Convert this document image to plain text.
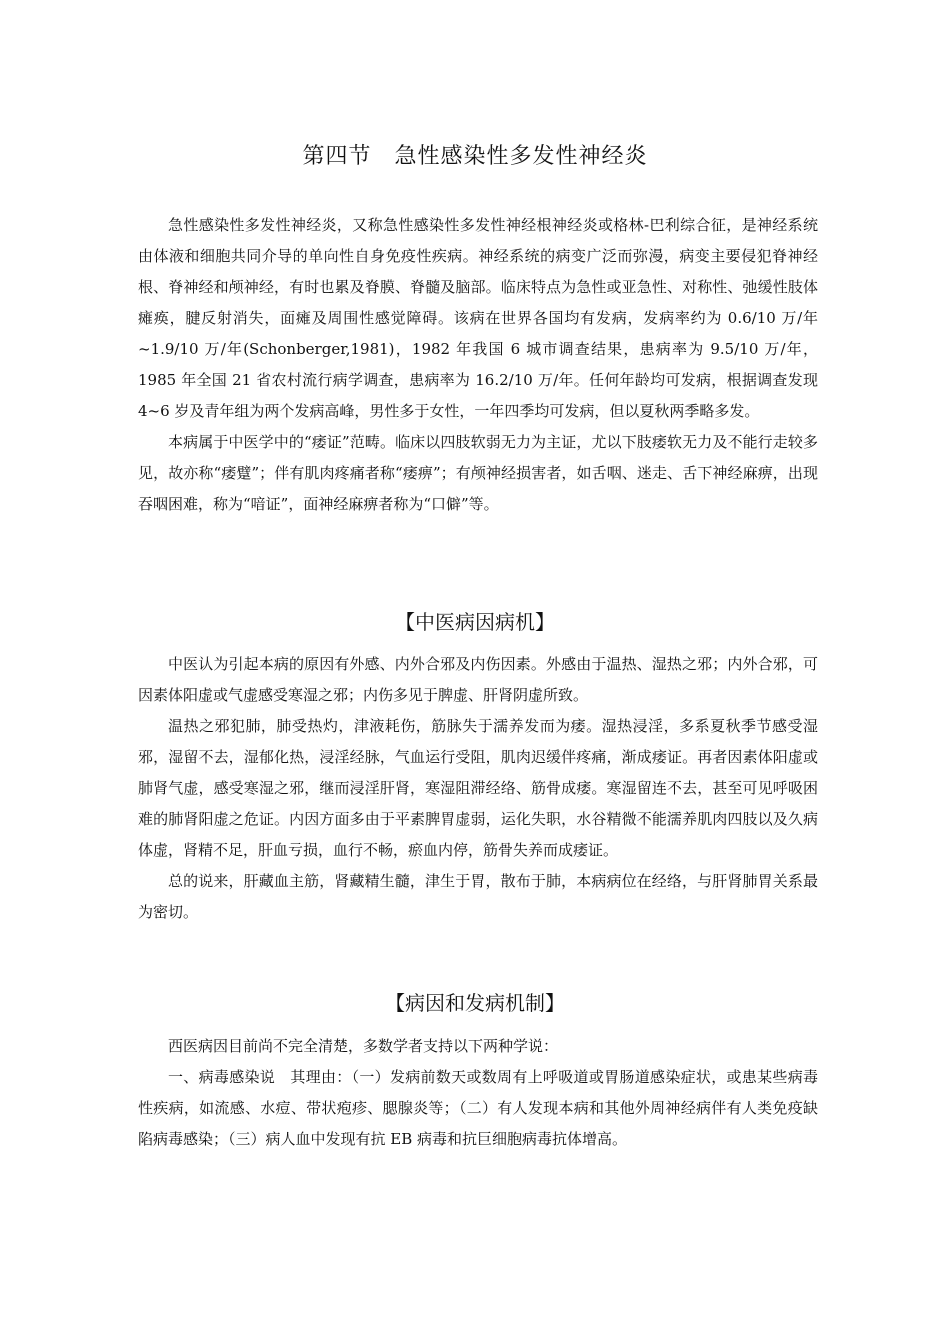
第四节　急性感染性多发性神经炎

急性感染性多发性神经炎，又称急性感染性多发性神经根神经炎或格林-巴利综合征，是神经系统由体液和细胞共同介导的单向性自身免疫性疾病。神经系统的病变广泛而弥漫，病变主要侵犯脊神经根、脊神经和颅神经，有时也累及脊膜、脊髓及脑部。临床特点为急性或亚急性、对称性、弛缓性肢体瘫痪，腱反射消失，面瘫及周围性感觉障碍。该病在世界各国均有发病，发病率约为 0.6/10 万/年~1.9/10 万/年(Schonberger,1981)，1982 年我国 6 城市调查结果，患病率为 9.5/10 万/年，1985 年全国 21 省农村流行病学调查，患病率为 16.2/10 万/年。任何年龄均可发病，根据调查发现 4~6 岁及青年组为两个发病高峰，男性多于女性，一年四季均可发病，但以夏秋两季略多发。

本病属于中医学中的“痿证”范畴。临床以四肢软弱无力为主证，尤以下肢痿软无力及不能行走较多见，故亦称“痿躄”；伴有肌肉疼痛者称“痿痹”；有颅神经损害者，如舌咽、迷走、舌下神经麻痹，出现吞咽困难，称为“喑证”，面神经麻痹者称为“口僻”等。

【中医病因病机】

中医认为引起本病的原因有外感、内外合邪及内伤因素。外感由于温热、湿热之邪；内外合邪，可因素体阳虚或气虚感受寒湿之邪；内伤多见于脾虚、肝肾阴虚所致。

温热之邪犯肺，肺受热灼，津液耗伤，筋脉失于濡养发而为痿。湿热浸淫，多系夏秋季节感受湿邪，湿留不去，湿郁化热，浸淫经脉，气血运行受阻，肌肉迟缓伴疼痛，渐成痿证。再者因素体阳虚或肺肾气虚，感受寒湿之邪，继而浸淫肝肾，寒湿阻滞经络、筋骨成痿。寒湿留连不去，甚至可见呼吸困难的肺肾阳虚之危证。内因方面多由于平素脾胃虚弱，运化失职，水谷精微不能濡养肌肉四肢以及久病体虚，肾精不足，肝血亏损，血行不畅，瘀血内停，筋骨失养而成痿证。

总的说来，肝藏血主筋，肾藏精生髓，津生于胃，散布于肺，本病病位在经络，与肝肾肺胃关系最为密切。

【病因和发病机制】

西医病因目前尚不完全清楚，多数学者支持以下两种学说：

一、病毒感染说　其理由：（一）发病前数天或数周有上呼吸道或胃肠道感染症状，或患某些病毒性疾病，如流感、水痘、带状疱疹、腮腺炎等；（二）有人发现本病和其他外周神经病伴有人类免疫缺陷病毒感染；（三）病人血中发现有抗 EB 病毒和抗巨细胞病毒抗体增高。
